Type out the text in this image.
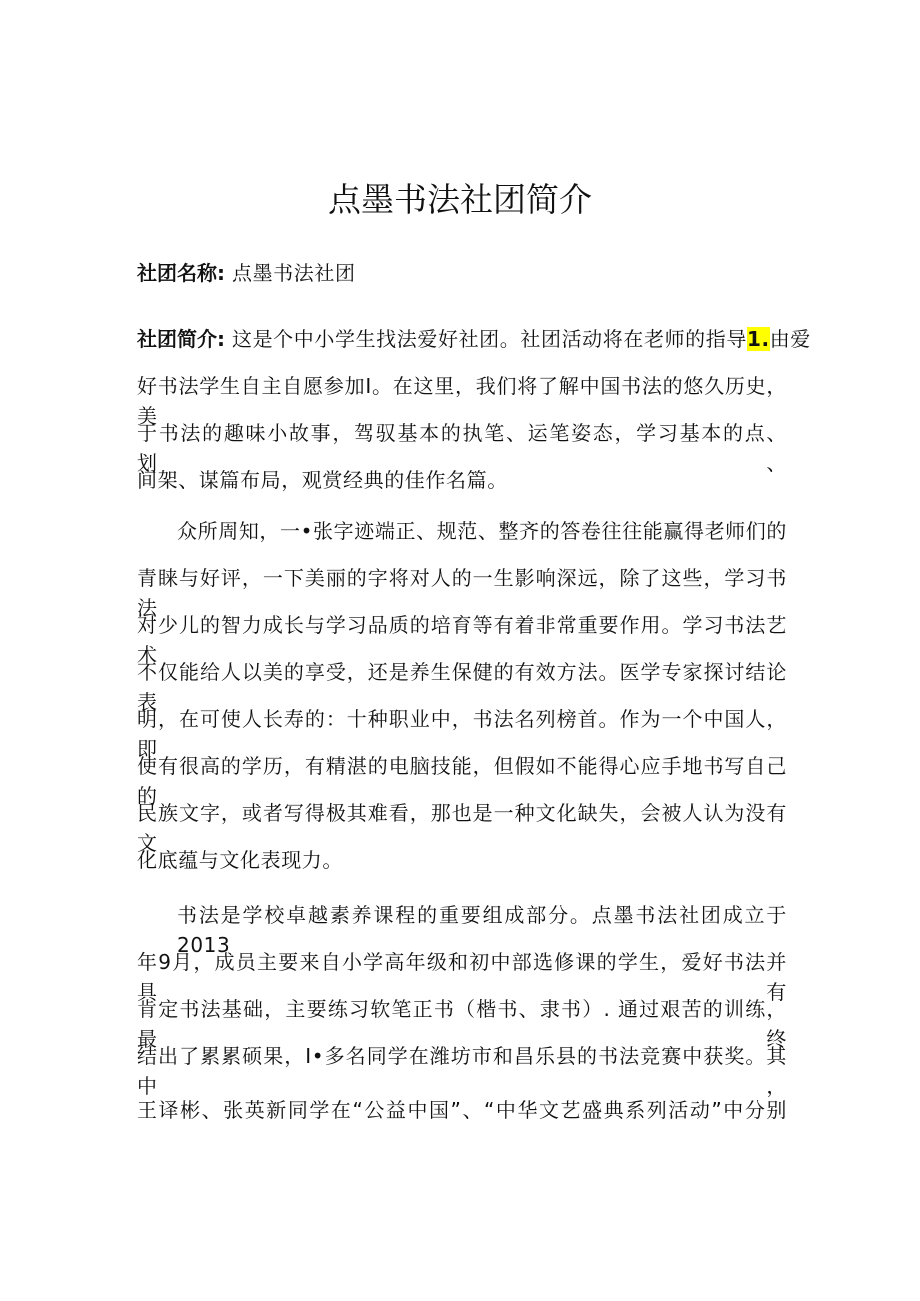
点墨书法社团简介
社团名称: 点墨书法社团
社团简介: 这是个中小学生找法爱好社团。社团活动将在老师的指导1.由爱
好书法学生自主自愿参加I。在这里，我们将了解中国书法的悠久历史，美
于书法的趣味小故事，驾驭基本的执笔、运笔姿态，学习基本的点、划、
间架、谋篇布局，观赏经典的佳作名篇。
众所周知，一•张字迹端正、规范、整齐的答卷往往能赢得老师们的
青睐与好评，一下美丽的字将对人的一生影响深远，除了这些，学习书法
对少儿的智力成长与学习品质的培育等有着非常重要作用。学习书法艺术
不仅能给人以美的享受，还是养生保健的有效方法。医学专家探讨结论表
明，在可使人长寿的：十种职业中，书法名列榜首。作为一个中国人，即
使有很高的学历，有精湛的电脑技能，但假如不能得心应手地书写自己的
民族文字，或者写得极其难看，那也是一种文化缺失，会被人认为没有文
化底蕴与文化表现力。
书法是学校卓越素养课程的重要组成部分。点墨书法社团成立于2013
年9月，成员主要来自小学高年级和初中部选修课的学生，爱好书法并具有
肯定书法基础，主要练习软笔正书（楷书、隶书）. 通过艰苦的训练，最终
结出了累累硕果，I•多名同学在潍坊市和昌乐县的书法竞赛中获奖。其中，
王译彬、张英新同学在“公益中国”、“中华文艺盛典系列活动”中分别
